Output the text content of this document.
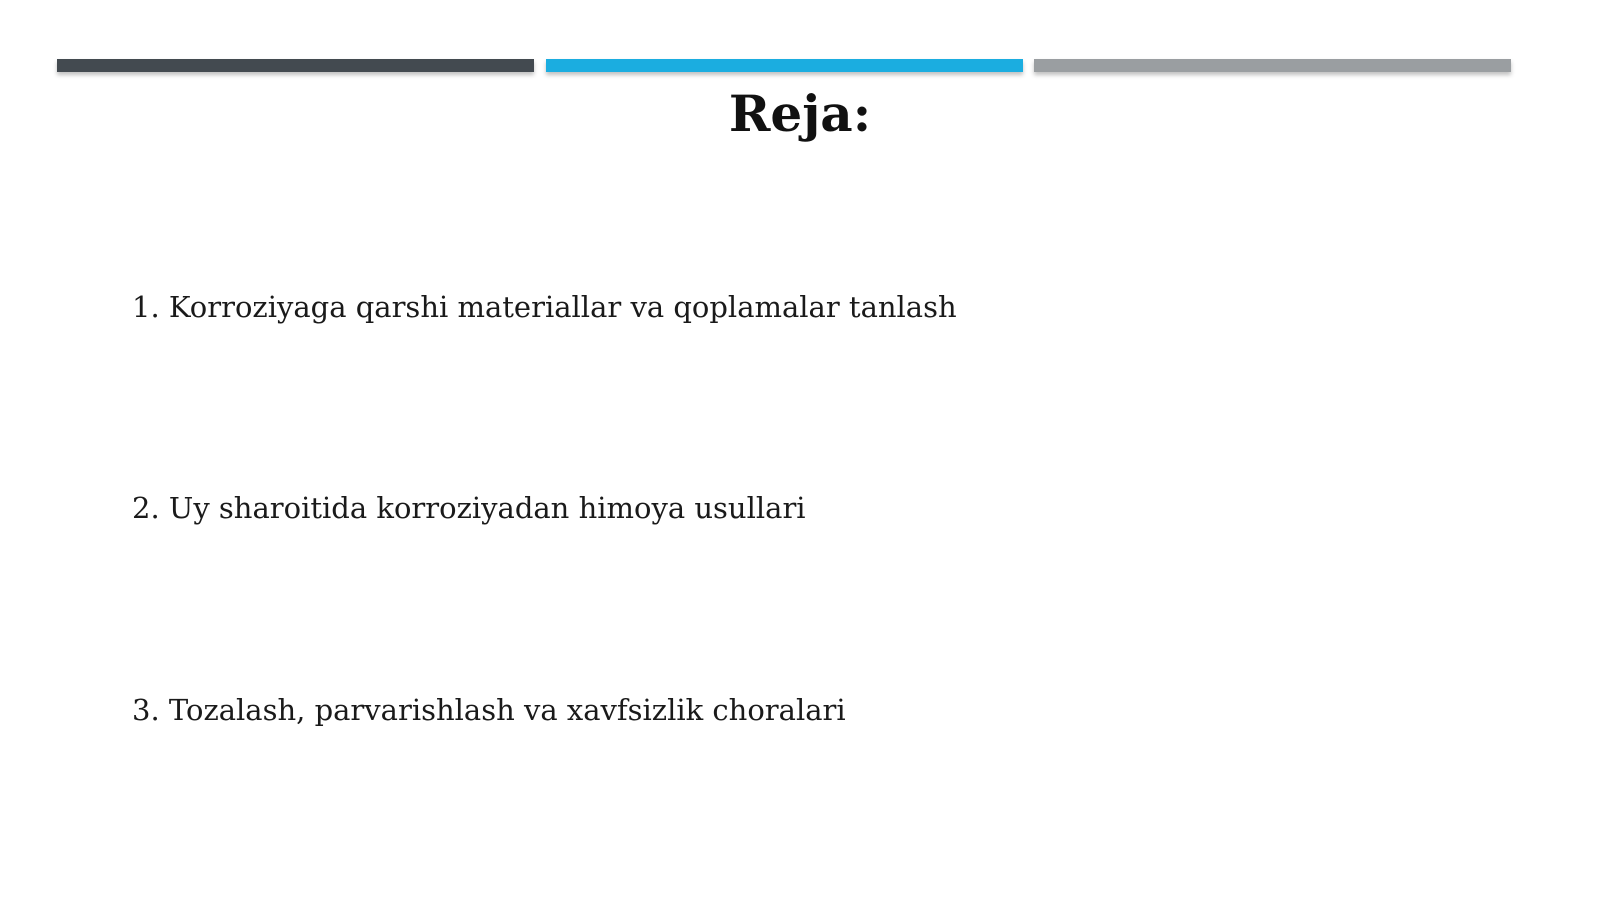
Reja:
1. Korroziyaga qarshi materiallar va qoplamalar tanlash
2. Uy sharoitida korroziyadan himoya usullari
3. Tozalash, parvarishlash va xavfsizlik choralari
